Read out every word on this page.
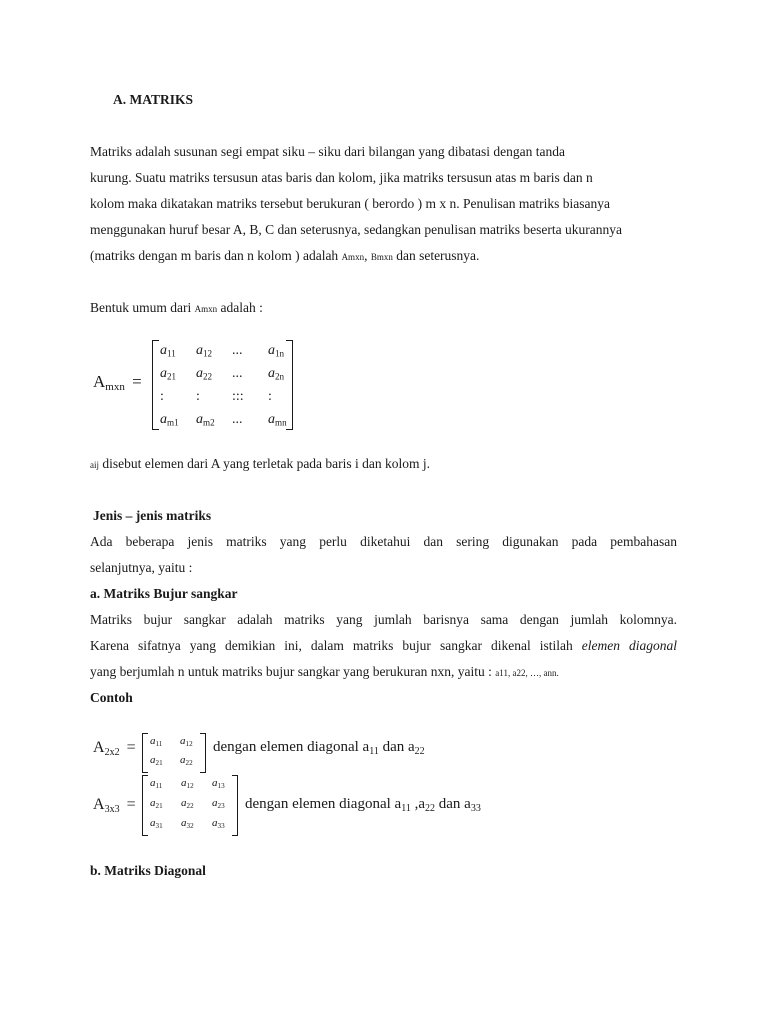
A. MATRIKS
Matriks adalah susunan segi empat siku – siku dari bilangan yang dibatasi dengan tanda
kurung. Suatu matriks tersusun atas baris dan kolom, jika matriks tersusun atas m baris dan n
kolom maka dikatakan matriks tersebut berukuran ( berordo ) m x n. Penulisan matriks biasanya
menggunakan huruf besar A, B, C dan seterusnya, sedangkan penulisan matriks beserta ukurannya
(matriks dengan m baris dan n kolom ) adalah Amxn, Bmxn dan seterusnya.
Bentuk umum dari Amxn adalah :
Amxn =
$a_{11}$ $a_{12}$ ... $a_{1n}$
$a_{21}$ $a_{22}$ ... $a_{2n}$
: : ::: :
$a_{m1}$ $a_{m2}$ ... $a_{mn}$
aij disebut elemen dari A yang terletak pada baris i dan kolom j.
Jenis – jenis matriks
Ada beberapa jenis matriks yang perlu diketahui dan sering digunakan pada pembahasan
selanjutnya, yaitu :
a. Matriks Bujur sangkar
Matriks bujur sangkar adalah matriks yang jumlah barisnya sama dengan jumlah kolomnya.
Karena sifatnya yang demikian ini, dalam matriks bujur sangkar dikenal istilah elemen diagonal
yang berjumlah n untuk matriks bujur sangkar yang berukuran nxn, yaitu : a11, a22, …, ann.
Contoh
$A2x2 = a_{11}$ $a_{12}$
$a_{21}$ $a_{22}$
dengan elemen diagonal $a_{11}$ dan $a_{22}$
A3x3 =
$a_{11}$ $a_{12}$ $a_{13}$
$a_{21}$ $a_{22}$ $a_{23}$
$a_{31}$ $a_{32}$ $a_{33}$
dengan elemen diagonal $a_{11}$ $,a_{22}$ dan $a_{33}$
b. Matriks Diagonal
